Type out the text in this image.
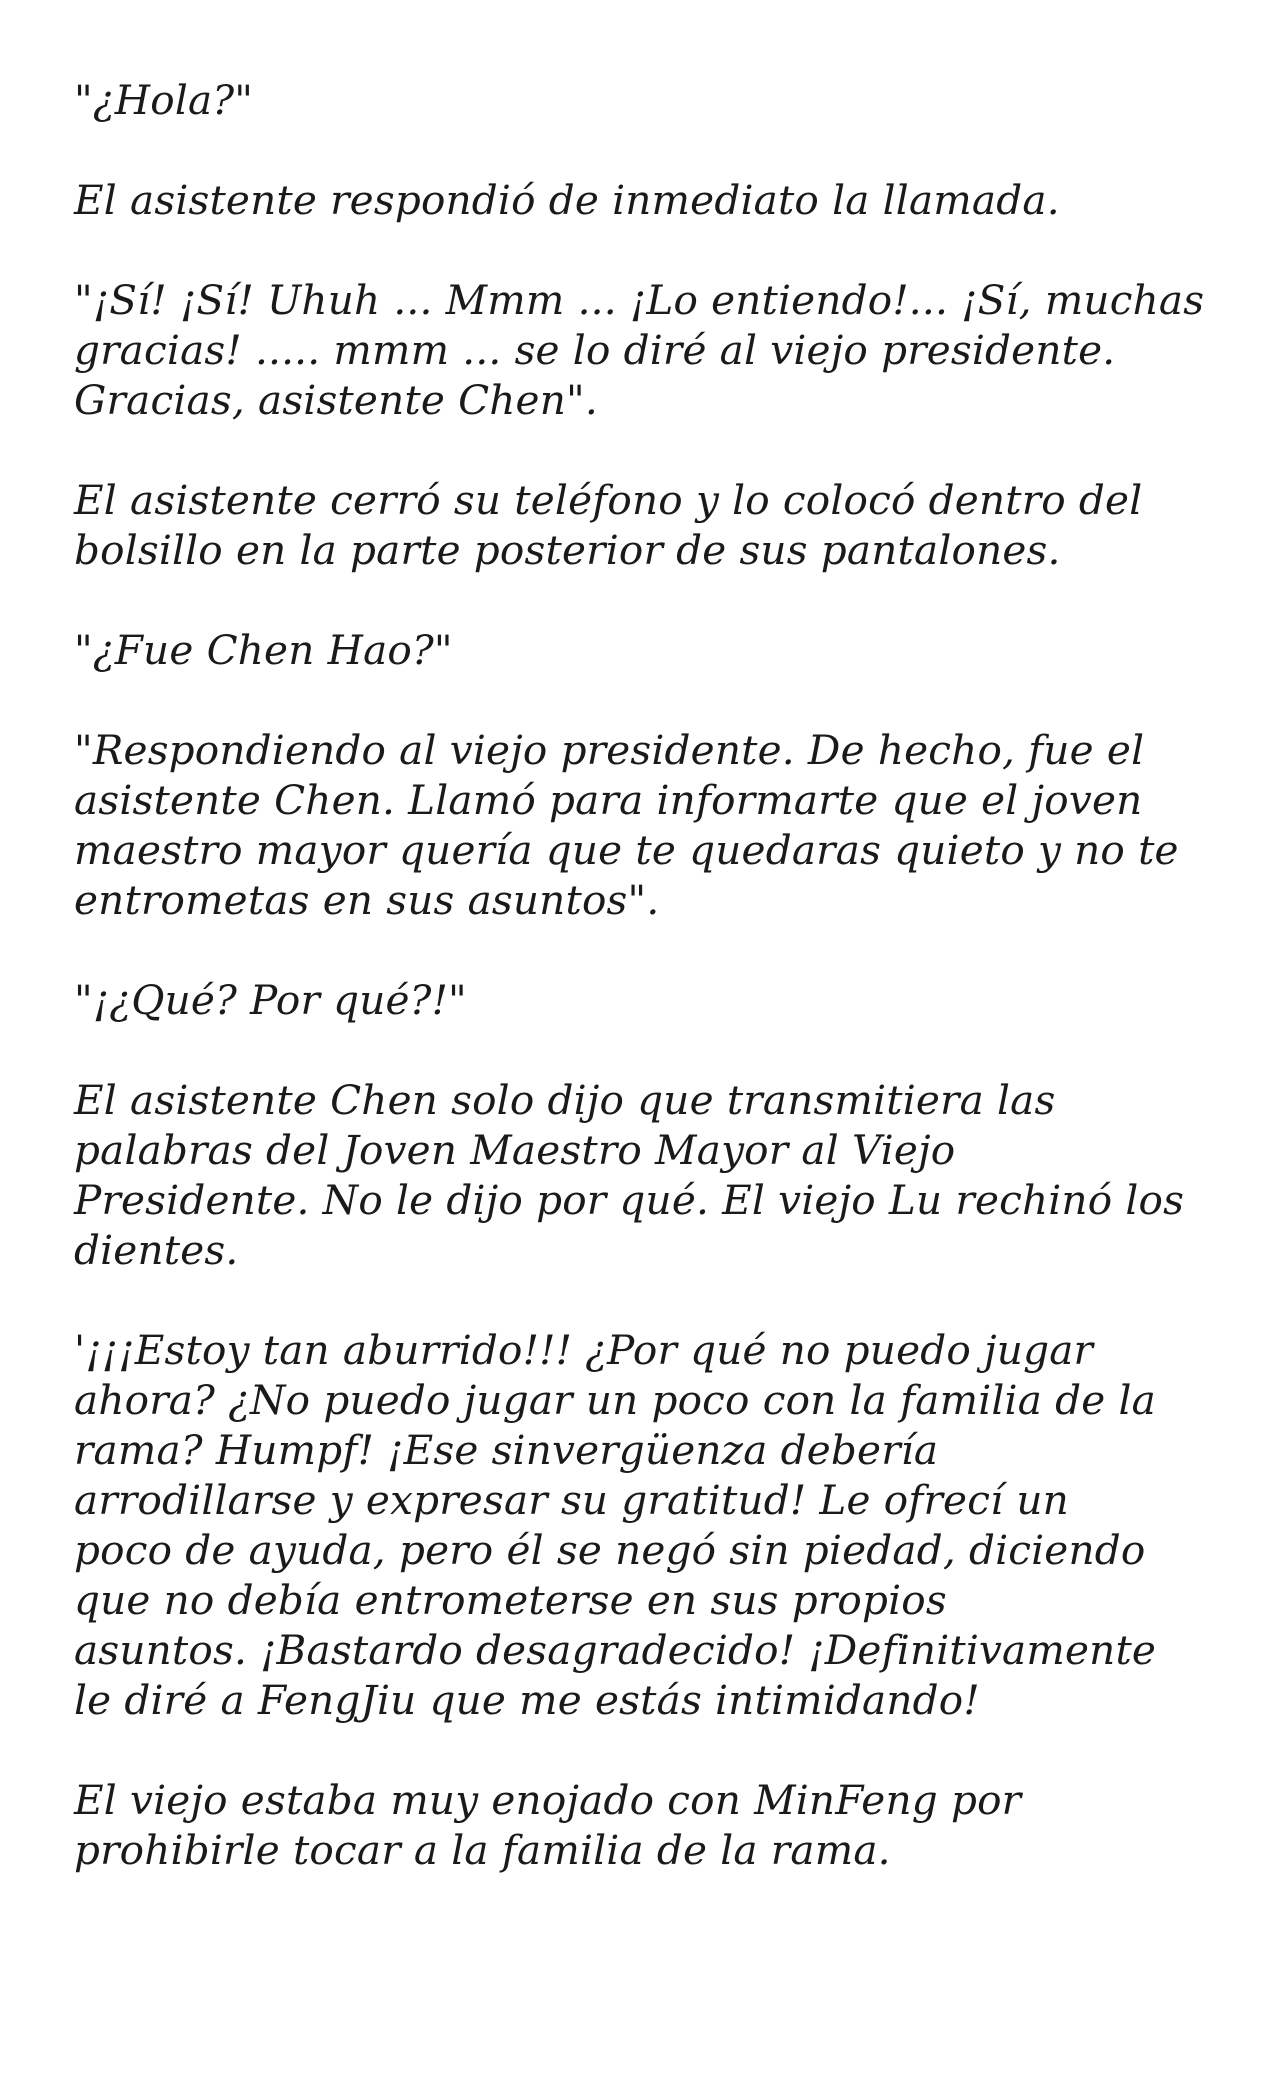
"¿Hola?"

El asistente respondió de inmediato la llamada.

"¡Sí! ¡Sí! Uhuh ... Mmm ... ¡Lo entiendo!... ¡Sí, muchas
gracias! ..... mmm ... se lo diré al viejo presidente.
Gracias, asistente Chen".

El asistente cerró su teléfono y lo colocó dentro del
bolsillo en la parte posterior de sus pantalones.

"¿Fue Chen Hao?"

"Respondiendo al viejo presidente. De hecho, fue el
asistente Chen. Llamó para informarte que el joven
maestro mayor quería que te quedaras quieto y no te
entrometas en sus asuntos".

"¡¿Qué? Por qué?!"

El asistente Chen solo dijo que transmitiera las
palabras del Joven Maestro Mayor al Viejo
Presidente. No le dijo por qué. El viejo Lu rechinó los
dientes.

'¡¡¡Estoy tan aburrido!!! ¿Por qué no puedo jugar
ahora? ¿No puedo jugar un poco con la familia de la
rama? Humpf! ¡Ese sinvergüenza debería
arrodillarse y expresar su gratitud! Le ofrecí un
poco de ayuda, pero él se negó sin piedad, diciendo
que no debía entrometerse en sus propios
asuntos. ¡Bastardo desagradecido! ¡Definitivamente
le diré a FengJiu que me estás intimidando!

El viejo estaba muy enojado con MinFeng por
prohibirle tocar a la familia de la rama.
